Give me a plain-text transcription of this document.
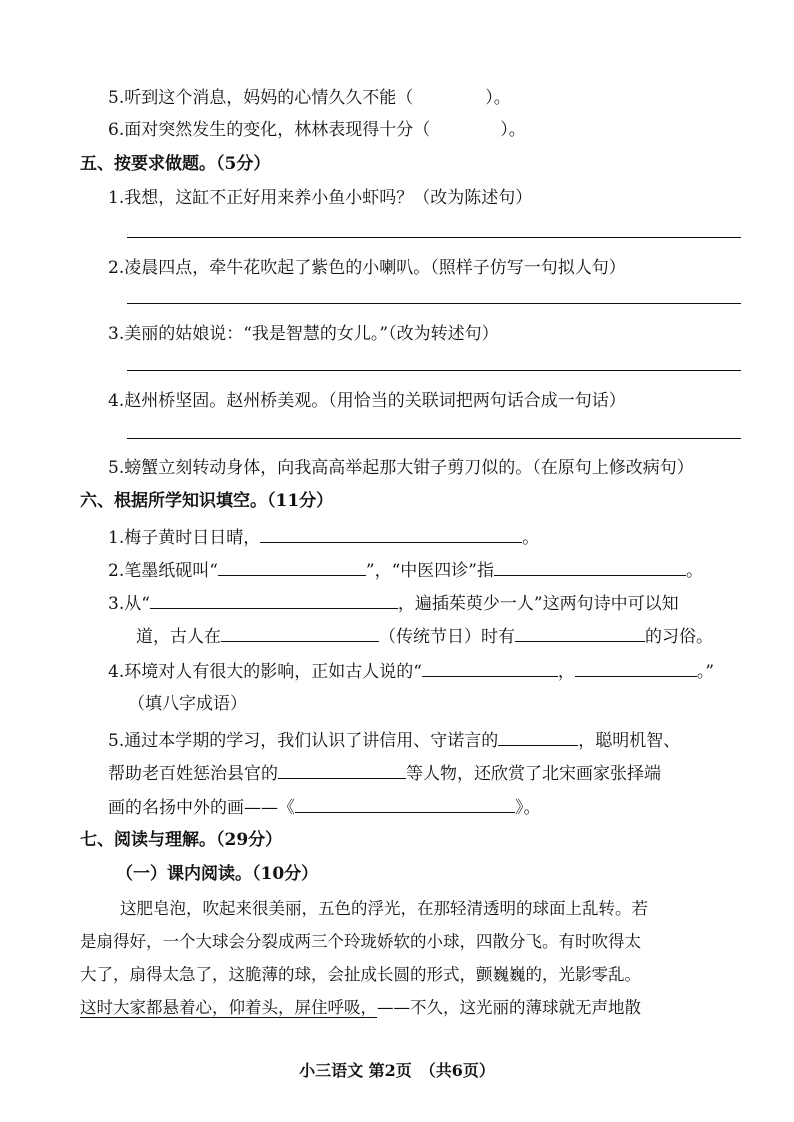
5.听到这个消息，妈妈的心情久久不能（	）。
6.面对突然发生的变化，林林表现得十分（	）。
五、按要求做题。（5分）
1.我想，这缸不正好用来养小鱼小虾吗？（改为陈述句）
2.凌晨四点，牵牛花吹起了紫色的小喇叭。（照样子仿写一句拟人句）
3.美丽的姑娘说：“我是智慧的女儿。”（改为转述句）
4.赵州桥坚固。赵州桥美观。（用恰当的关联词把两句话合成一句话）
5.螃蟹立刻转动身体，向我高高举起那大钳子剪刀似的。（在原句上修改病句）
六、根据所学知识填空。（11分）
1.梅子黄时日日晴，	。
2.笔墨纸砚叫“	”，“中医四诊”指	。
3.从“	，遍插茱萸少一人”这两句诗中可以知
道，古人在	（传统节日）时有	的习俗。
4.环境对人有很大的影响，正如古人说的“	，	。”
（填八字成语）
5.通过本学期的学习，我们认识了讲信用、守诺言的	，聪明机智、
帮助老百姓惩治县官的	等人物，还欣赏了北宋画家张择端
画的名扬中外的画——《	》。
七、阅读与理解。（29分）
（一）课内阅读。（10分）
这肥皂泡，吹起来很美丽，五色的浮光，在那轻清透明的球面上乱转。若
是扇得好，一个大球会分裂成两三个玲珑娇软的小球，四散分飞。有时吹得太
大了，扇得太急了，这脆薄的球，会扯成长圆的形式，颤巍巍的，光影零乱。
这时大家都悬着心，仰着头，屏住呼吸，——不久，这光丽的薄球就无声地散
小三语文 第2页　（共6页）
